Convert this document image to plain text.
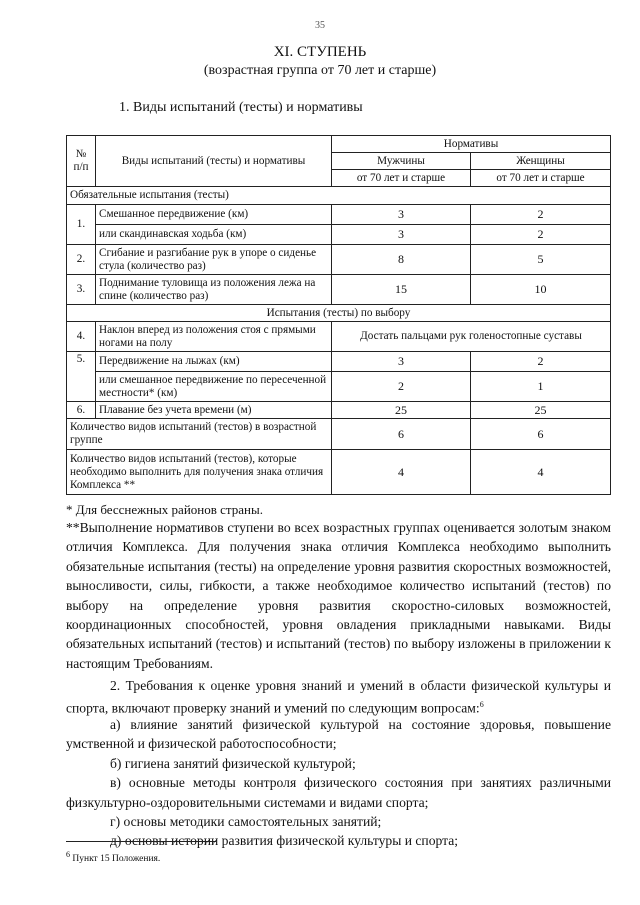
35
XI. СТУПЕНЬ
(возрастная группа от 70 лет и старше)
1. Виды испытаний (тесты) и нормативы
№ п/п	Виды испытаний (тесты) и нормативы	Нормативы	
		Мужчины	Женщины
		от 70 лет и старше	от 70 лет и старше
Обязательные испытания (тесты)			
1.	Смешанное передвижение (км)	3	2
	или скандинавская ходьба (км)	3	2
2.	Сгибание и разгибание рук в упоре о сиденье стула (количество раз)	8	5
3.	Поднимание туловища из положения лежа на спине (количество раз)	15	10
Испытания (тесты) по выбору			
4.	Наклон вперед из положения стоя с прямыми ногами на полу	Достать пальцами рук голеностопные суставы	
5.	Передвижение на лыжах (км)	3	2
	или смешанное передвижение по пересеченной местности* (км)	2	1
6.	Плавание без учета времени (м)	25	25
Количество видов испытаний (тестов) в возрастной группе		6	6
Количество видов испытаний (тестов), которые необходимо выполнить для получения знака отличия Комплекса **		4	4
* Для бесснежных районов страны.
**Выполнение нормативов ступени во всех возрастных группах оценивается золотым знаком отличия Комплекса. Для получения знака отличия Комплекса необходимо выполнить обязательные испытания (тесты) на определение уровня развития скоростных возможностей, выносливости, силы, гибкости, а также необходимое количество испытаний (тестов) по выбору на определение уровня развития скоростно-силовых возможностей, координационных способностей, уровня овладения прикладными навыками. Виды обязательных испытаний (тестов) и испытаний (тестов) по выбору изложены в приложении к настоящим Требованиям.
2. Требования к оценке уровня знаний и умений в области физической культуры и спорта, включают проверку знаний и умений по следующим вопросам:$^6$
а) влияние занятий физической культурой на состояние здоровья, повышение умственной и физической работоспособности;
б) гигиена занятий физической культурой;
в) основные методы контроля физического состояния при занятиях различными физкультурно-оздоровительными системами и видами спорта;
г) основы методики самостоятельных занятий;
д) основы истории развития физической культуры и спорта;
$^6$ Пункт 15 Положения.
